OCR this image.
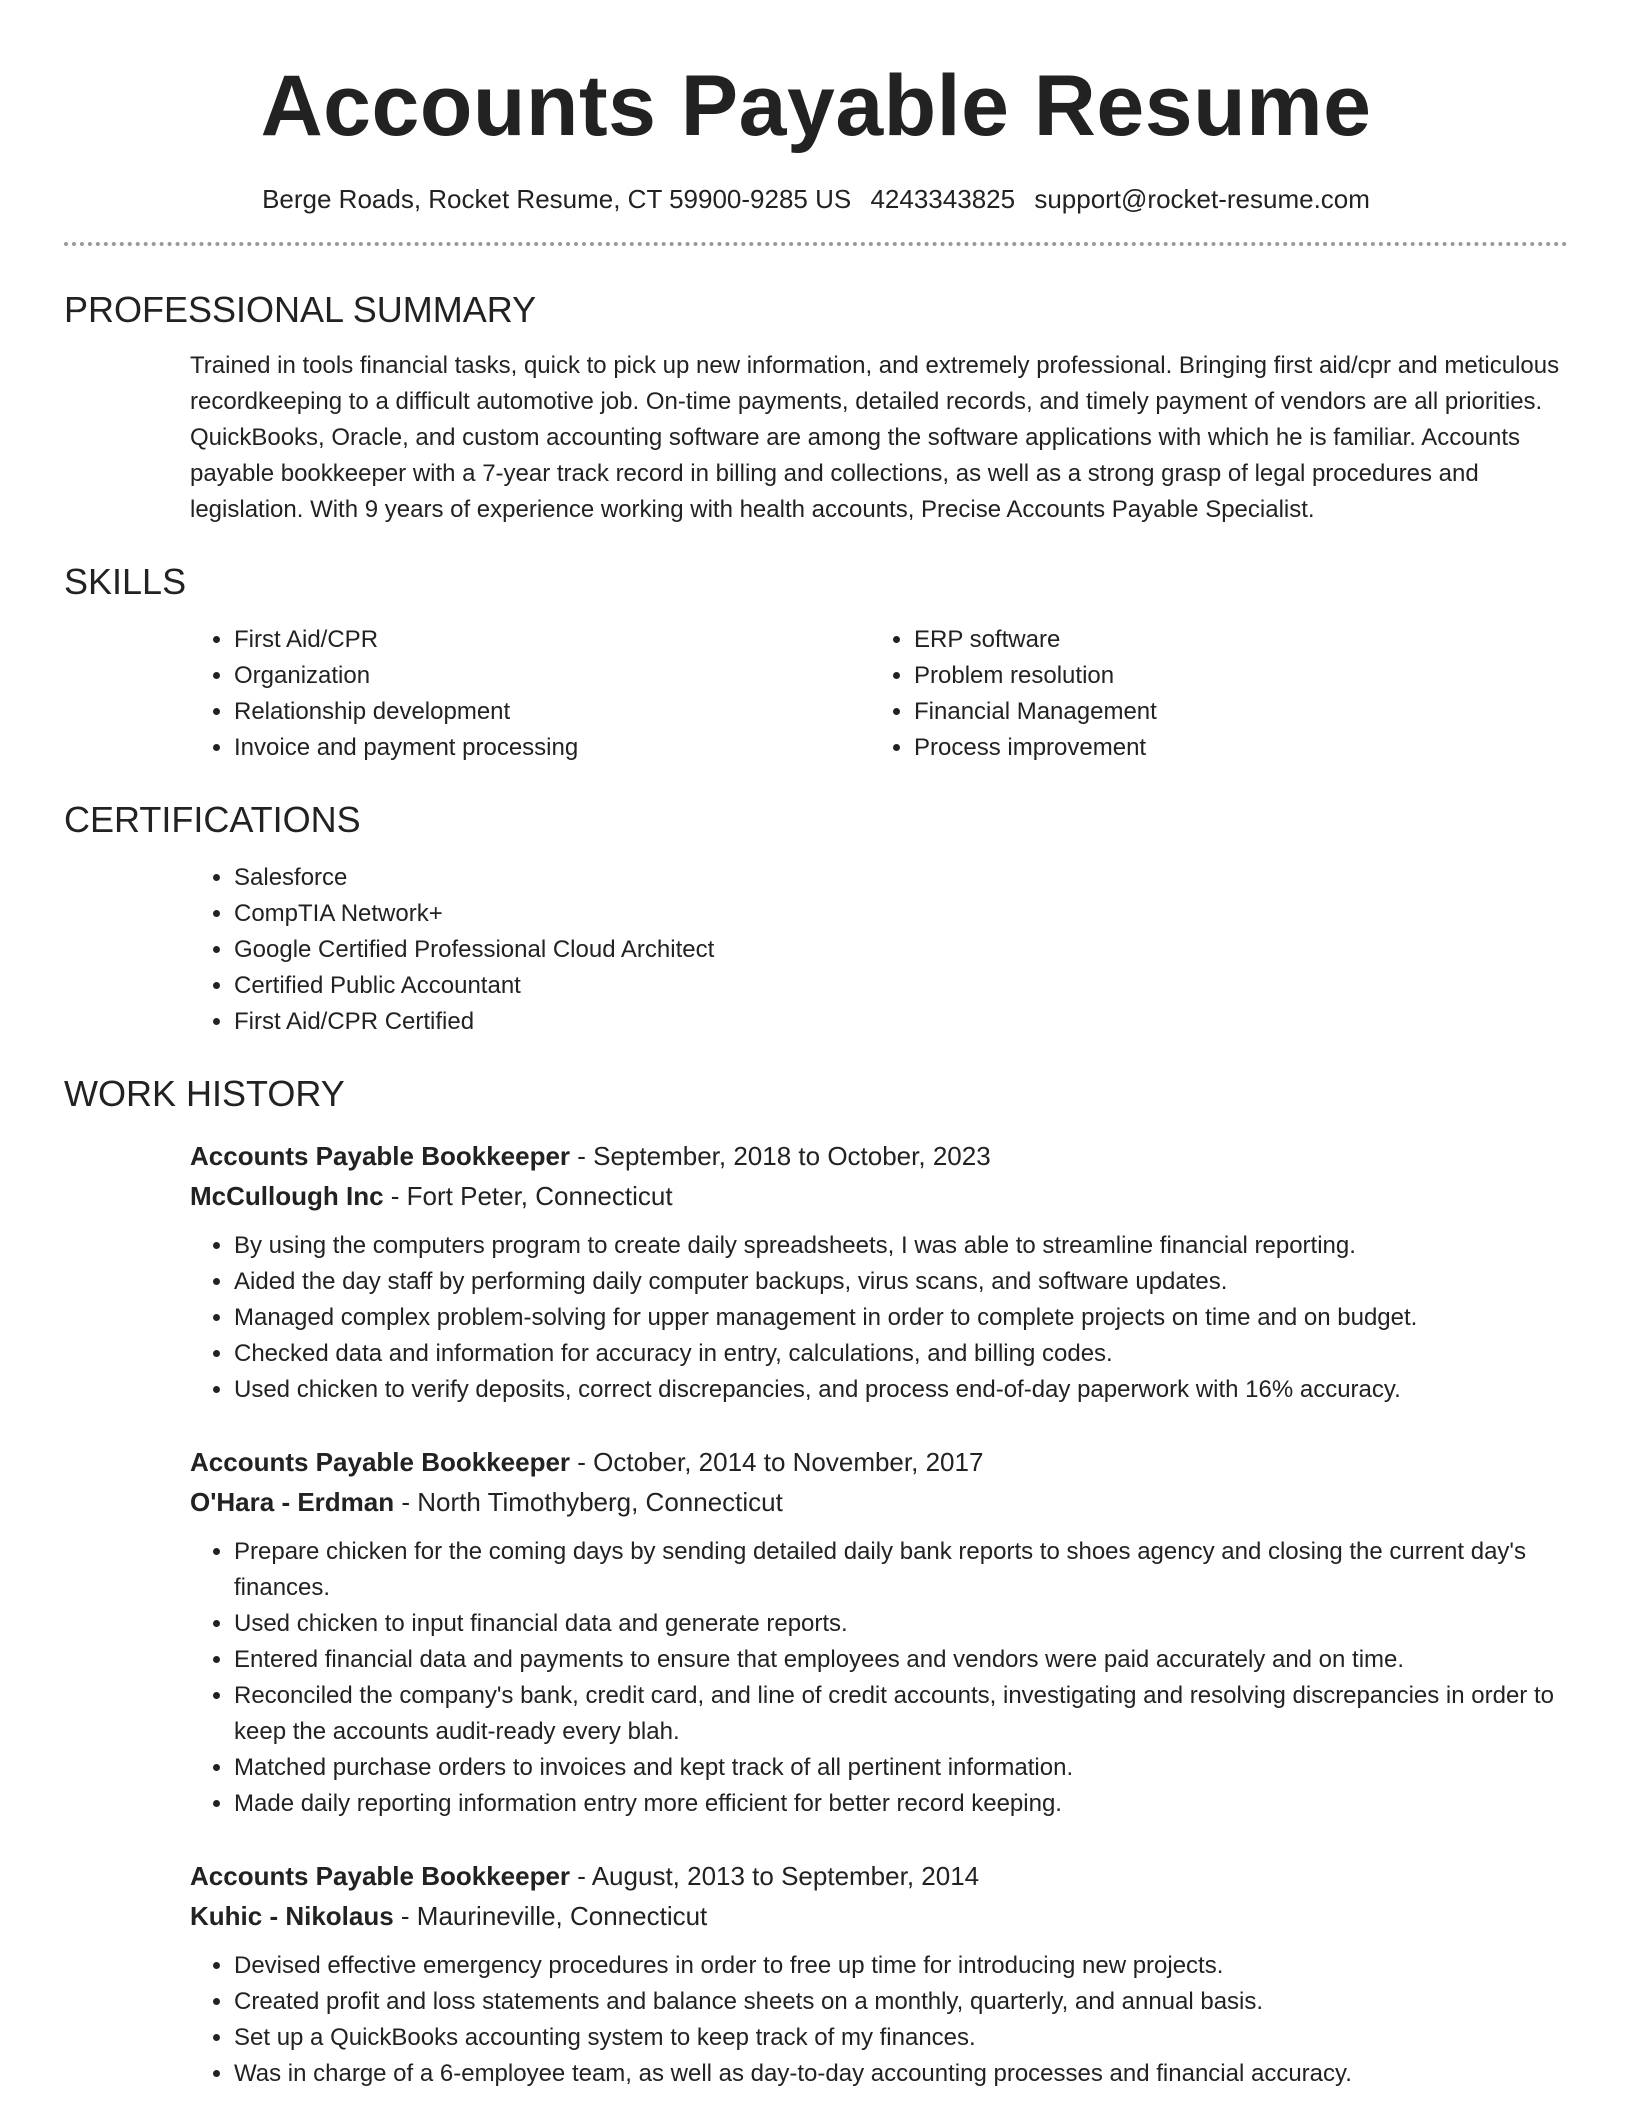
Accounts Payable Resume
Berge Roads, Rocket Resume, CT 59900-9285 US 4243343825 support@rocket-resume.com
PROFESSIONAL SUMMARY
Trained in tools financial tasks, quick to pick up new information, and extremely professional. Bringing first aid/cpr and meticulous recordkeeping to a difficult automotive job. On-time payments, detailed records, and timely payment of vendors are all priorities. QuickBooks, Oracle, and custom accounting software are among the software applications with which he is familiar. Accounts payable bookkeeper with a 7-year track record in billing and collections, as well as a strong grasp of legal procedures and legislation. With 9 years of experience working with health accounts, Precise Accounts Payable Specialist.
SKILLS
• First Aid/CPR
• Organization
• Relationship development
• Invoice and payment processing
• ERP software
• Problem resolution
• Financial Management
• Process improvement
CERTIFICATIONS
• Salesforce
• CompTIA Network+
• Google Certified Professional Cloud Architect
• Certified Public Accountant
• First Aid/CPR Certified
WORK HISTORY
Accounts Payable Bookkeeper - September, 2018 to October, 2023
McCullough Inc - Fort Peter, Connecticut
• By using the computers program to create daily spreadsheets, I was able to streamline financial reporting.
• Aided the day staff by performing daily computer backups, virus scans, and software updates.
• Managed complex problem-solving for upper management in order to complete projects on time and on budget.
• Checked data and information for accuracy in entry, calculations, and billing codes.
• Used chicken to verify deposits, correct discrepancies, and process end-of-day paperwork with 16% accuracy.
Accounts Payable Bookkeeper - October, 2014 to November, 2017
O'Hara - Erdman - North Timothyberg, Connecticut
• Prepare chicken for the coming days by sending detailed daily bank reports to shoes agency and closing the current day's finances.
• Used chicken to input financial data and generate reports.
• Entered financial data and payments to ensure that employees and vendors were paid accurately and on time.
• Reconciled the company's bank, credit card, and line of credit accounts, investigating and resolving discrepancies in order to keep the accounts audit-ready every blah.
• Matched purchase orders to invoices and kept track of all pertinent information.
• Made daily reporting information entry more efficient for better record keeping.
Accounts Payable Bookkeeper - August, 2013 to September, 2014
Kuhic - Nikolaus - Maurineville, Connecticut
• Devised effective emergency procedures in order to free up time for introducing new projects.
• Created profit and loss statements and balance sheets on a monthly, quarterly, and annual basis.
• Set up a QuickBooks accounting system to keep track of my finances.
• Was in charge of a 6-employee team, as well as day-to-day accounting processes and financial accuracy.
